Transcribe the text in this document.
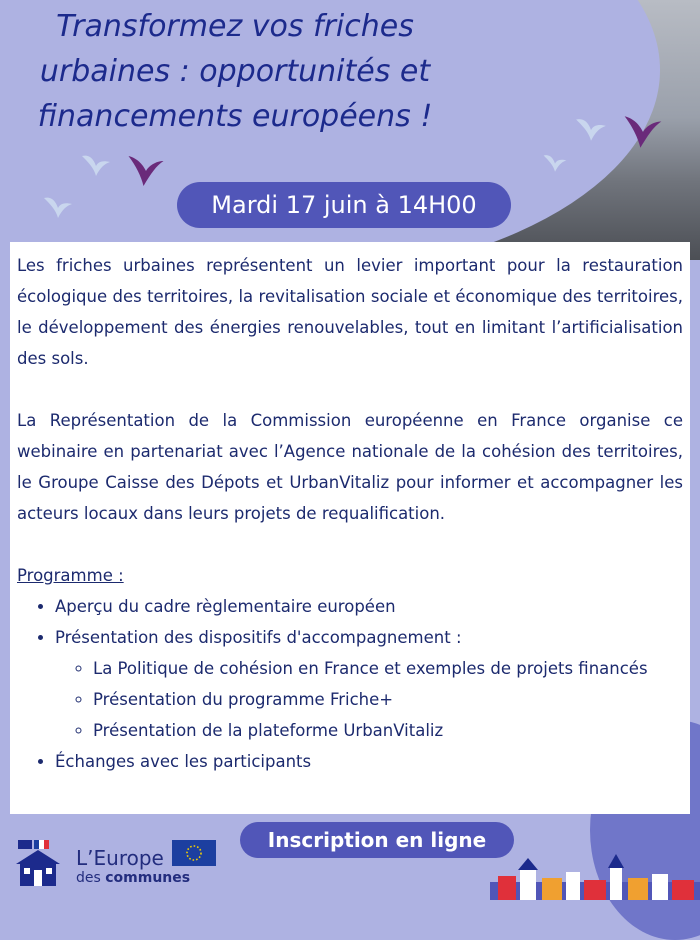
Transformez vos friches urbaines : opportunités et financements européens !
Mardi 17 juin à 14H00

Les friches urbaines représentent un levier important pour la restauration écologique des territoires, la revitalisation sociale et économique des territoires, le développement des énergies renouvelables, tout en limitant l’artificialisation des sols.

La Représentation de la Commission européenne en France organise ce webinaire en partenariat avec l’Agence nationale de la cohésion des territoires, le Groupe Caisse des Dépots et UrbanVitaliz pour informer et accompagner les acteurs locaux dans leurs projets de requalification.

Programme :

• Aperçu du cadre règlementaire européen
• Présentation des dispositifs d'accompagnement :
◦ La Politique de cohésion en France et exemples de projets financés
◦ Présentation du programme Friche+
◦ Présentation de la plateforme UrbanVitaliz
• Échanges avec les participants
L’Europe
des communes
Inscription en ligne
